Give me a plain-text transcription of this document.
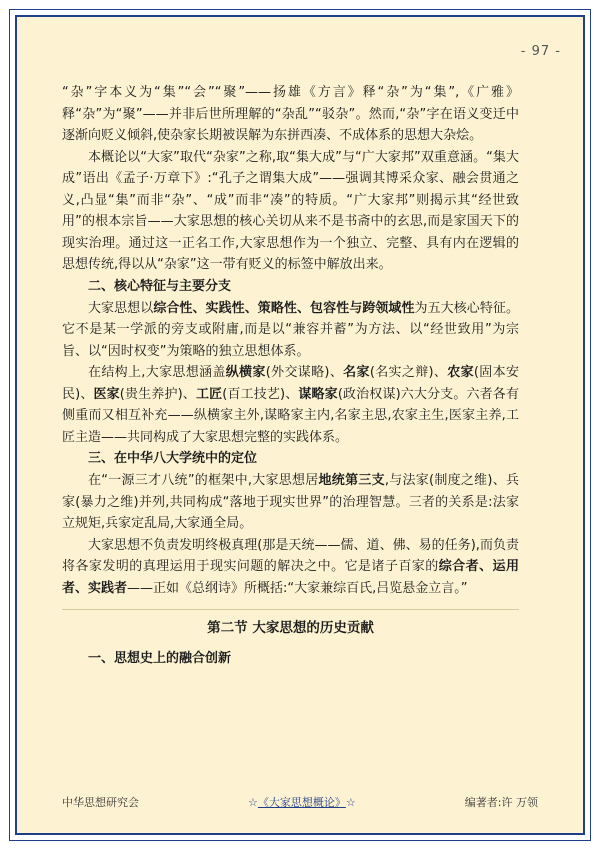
- 97 -

“杂”字本义为“集”“会”“聚”——扬雄《方言》释“杂”为“集”,《广雅》释“杂”为“聚”——并非后世所理解的“杂乱”“驳杂”。然而,“杂”字在语义变迁中逐渐向贬义倾斜,使杂家长期被误解为东拼西凑、不成体系的思想大杂烩。

本概论以“大家”取代“杂家”之称,取“集大成”与“广大家邦”双重意涵。“集大成”语出《孟子·万章下》:“孔子之谓集大成”——强调其博采众家、融会贯通之义,凸显“集”而非“杂”、“成”而非“凑”的特质。“广大家邦”则揭示其“经世致用”的根本宗旨——大家思想的核心关切从来不是书斋中的玄思,而是家国天下的现实治理。通过这一正名工作,大家思想作为一个独立、完整、具有内在逻辑的思想传统,得以从“杂家”这一带有贬义的标签中解放出来。

二、核心特征与主要分支

大家思想以综合性、实践性、策略性、包容性与跨领域性为五大核心特征。它不是某一学派的旁支或附庸,而是以“兼容并蓄”为方法、以“经世致用”为宗旨、以“因时权变”为策略的独立思想体系。

在结构上,大家思想涵盖纵横家(外交谋略)、名家(名实之辩)、农家(固本安民)、医家(贵生养护)、工匠(百工技艺)、谋略家(政治权谋)六大分支。六者各有侧重而又相互补充——纵横家主外,谋略家主内,名家主思,农家主生,医家主养,工匠主造——共同构成了大家思想完整的实践体系。

三、在中华八大学统中的定位

在“一源三才八统”的框架中,大家思想居地统第三支,与法家(制度之维)、兵家(暴力之维)并列,共同构成“落地于现实世界”的治理智慧。三者的关系是:法家立规矩,兵家定乱局,大家通全局。

大家思想不负责发明终极真理(那是天统——儒、道、佛、易的任务),而负责将各家发明的真理运用于现实问题的解决之中。它是诸子百家的综合者、运用者、实践者——正如《总纲诗》所概括:“大家兼综百氏,吕览悬金立言。”

第二节 大家思想的历史贡献
一、思想史上的融合创新
中华思想研究会	☆《大家思想概论》☆	编著者:许 万领
